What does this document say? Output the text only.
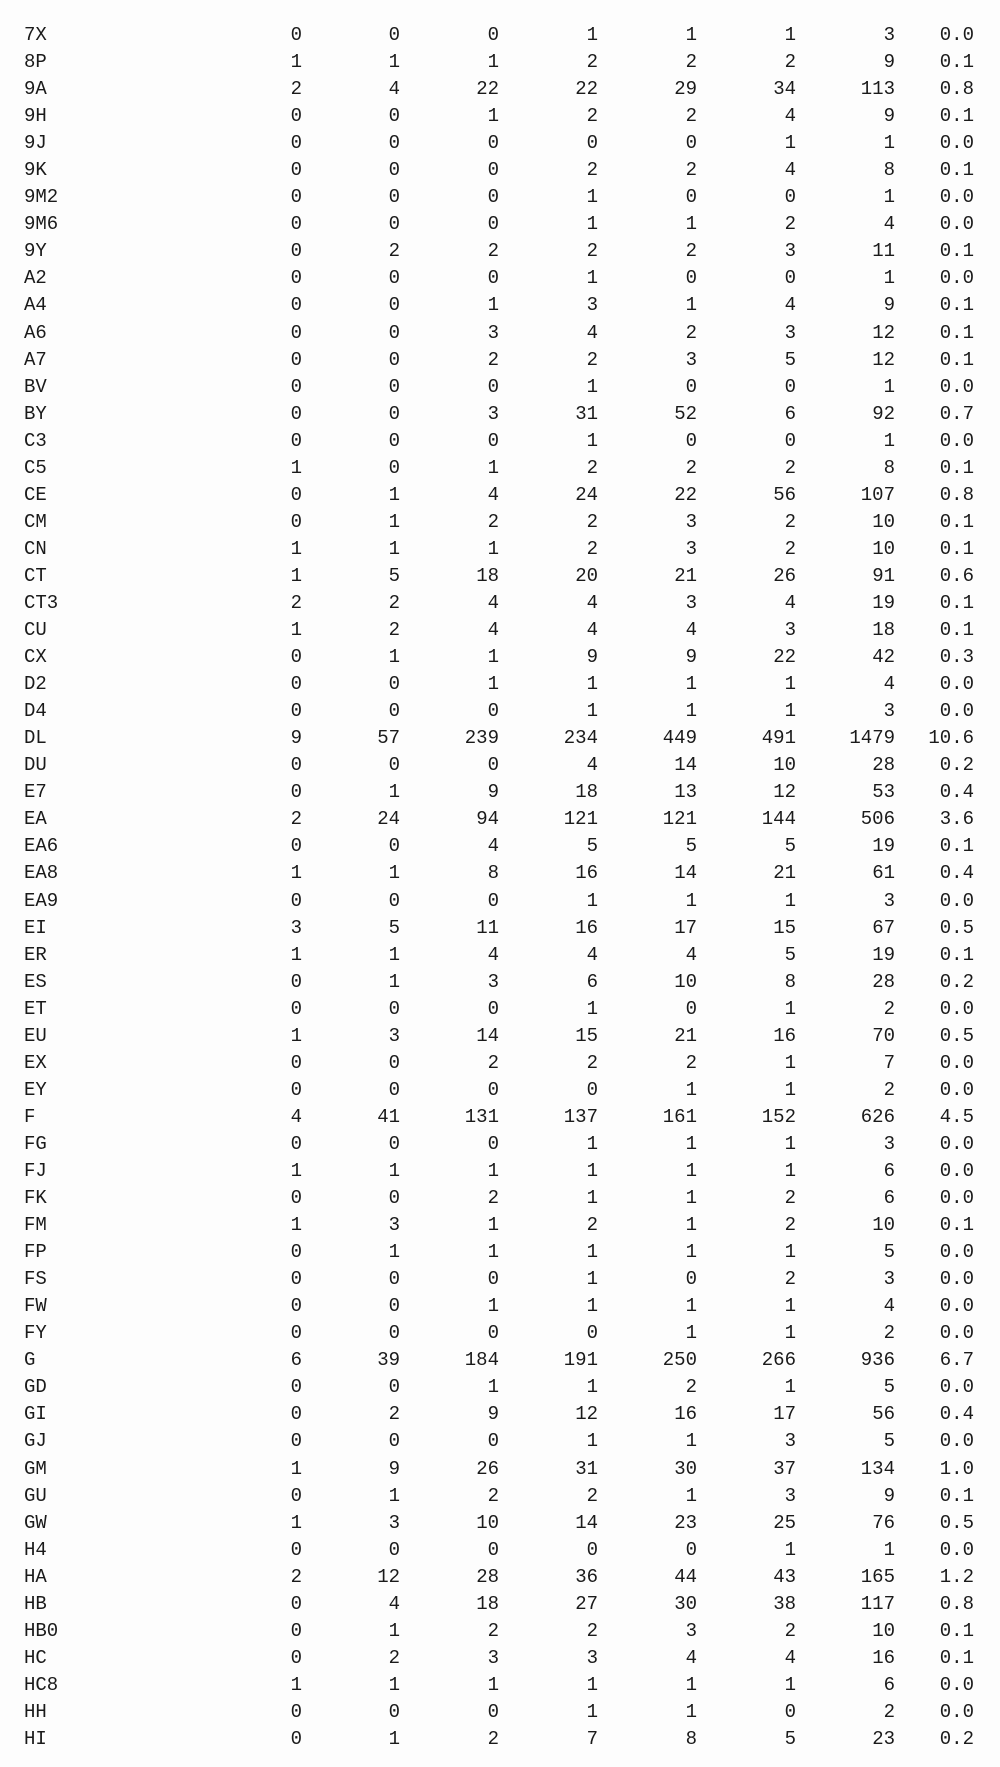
7X	0	0	0	1	1	1	3	0.0
8P	1	1	1	2	2	2	9	0.1
9A	2	4	22	22	29	34	113	0.8
9H	0	0	1	2	2	4	9	0.1
9J	0	0	0	0	0	1	1	0.0
9K	0	0	0	2	2	4	8	0.1
9M2	0	0	0	1	0	0	1	0.0
9M6	0	0	0	1	1	2	4	0.0
9Y	0	2	2	2	2	3	11	0.1
A2	0	0	0	1	0	0	1	0.0
A4	0	0	1	3	1	4	9	0.1
A6	0	0	3	4	2	3	12	0.1
A7	0	0	2	2	3	5	12	0.1
BV	0	0	0	1	0	0	1	0.0
BY	0	0	3	31	52	6	92	0.7
C3	0	0	0	1	0	0	1	0.0
C5	1	0	1	2	2	2	8	0.1
CE	0	1	4	24	22	56	107	0.8
CM	0	1	2	2	3	2	10	0.1
CN	1	1	1	2	3	2	10	0.1
CT	1	5	18	20	21	26	91	0.6
CT3	2	2	4	4	3	4	19	0.1
CU	1	2	4	4	4	3	18	0.1
CX	0	1	1	9	9	22	42	0.3
D2	0	0	1	1	1	1	4	0.0
D4	0	0	0	1	1	1	3	0.0
DL	9	57	239	234	449	491	1479	10.6
DU	0	0	0	4	14	10	28	0.2
E7	0	1	9	18	13	12	53	0.4
EA	2	24	94	121	121	144	506	3.6
EA6	0	0	4	5	5	5	19	0.1
EA8	1	1	8	16	14	21	61	0.4
EA9	0	0	0	1	1	1	3	0.0
EI	3	5	11	16	17	15	67	0.5
ER	1	1	4	4	4	5	19	0.1
ES	0	1	3	6	10	8	28	0.2
ET	0	0	0	1	0	1	2	0.0
EU	1	3	14	15	21	16	70	0.5
EX	0	0	2	2	2	1	7	0.0
EY	0	0	0	0	1	1	2	0.0
F	4	41	131	137	161	152	626	4.5
FG	0	0	0	1	1	1	3	0.0
FJ	1	1	1	1	1	1	6	0.0
FK	0	0	2	1	1	2	6	0.0
FM	1	3	1	2	1	2	10	0.1
FP	0	1	1	1	1	1	5	0.0
FS	0	0	0	1	0	2	3	0.0
FW	0	0	1	1	1	1	4	0.0
FY	0	0	0	0	1	1	2	0.0
G	6	39	184	191	250	266	936	6.7
GD	0	0	1	1	2	1	5	0.0
GI	0	2	9	12	16	17	56	0.4
GJ	0	0	0	1	1	3	5	0.0
GM	1	9	26	31	30	37	134	1.0
GU	0	1	2	2	1	3	9	0.1
GW	1	3	10	14	23	25	76	0.5
H4	0	0	0	0	0	1	1	0.0
HA	2	12	28	36	44	43	165	1.2
HB	0	4	18	27	30	38	117	0.8
HB0	0	1	2	2	3	2	10	0.1
HC	0	2	3	3	4	4	16	0.1
HC8	1	1	1	1	1	1	6	0.0
HH	0	0	0	1	1	0	2	0.0
HI	0	1	2	7	8	5	23	0.2
